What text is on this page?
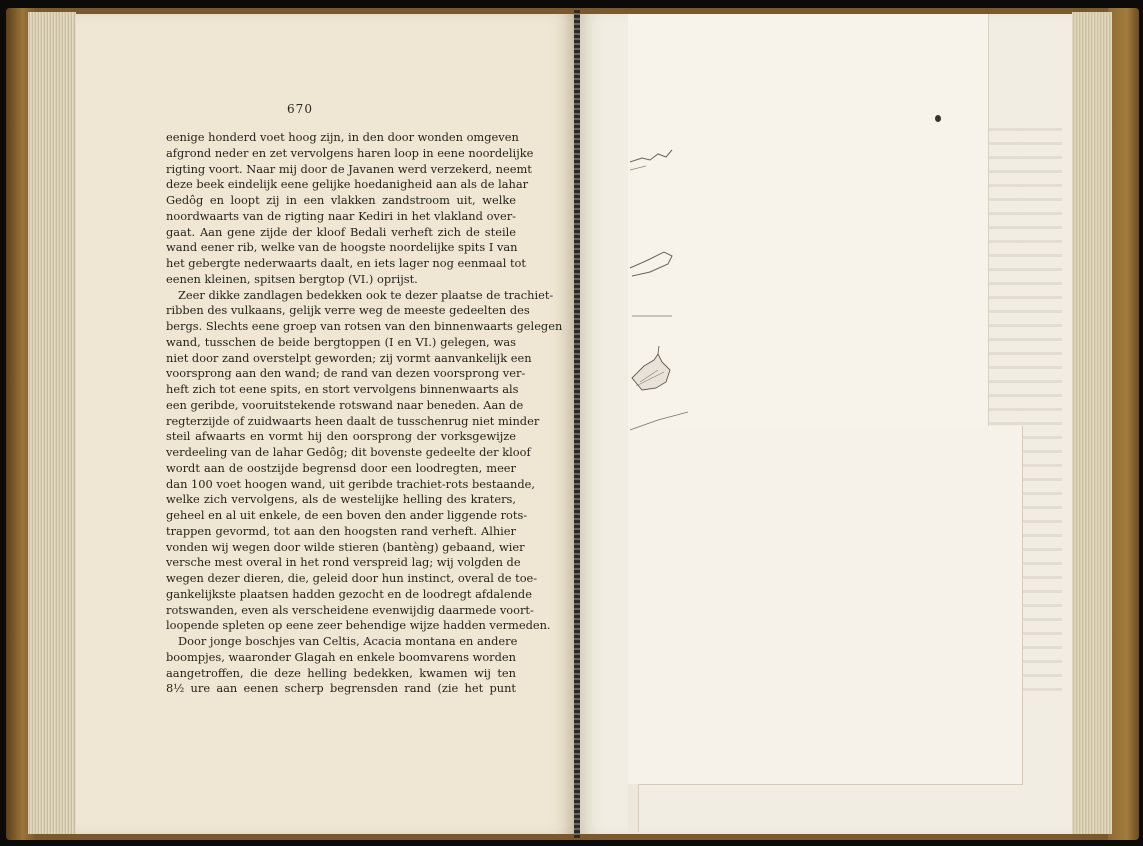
670
eenige honderd voet hoog zijn, in den door wonden omgeven
afgrond neder en zet vervolgens haren loop in eene noordelijke
rigting voort. Naar mij door de Javanen werd verzekerd, neemt
deze beek eindelijk eene gelijke hoedanigheid aan als de lahar
Gedôg en loopt zij in een vlakken zandstroom uit, welke
noordwaarts van de rigting naar Kediri in het vlakland over-
gaat. Aan gene zijde der kloof Bedali verheft zich de steile
wand eener rib, welke van de hoogste noordelijke spits I van
het gebergte nederwaarts daalt, en iets lager nog eenmaal tot
eenen kleinen, spitsen bergtop (VI.) oprijst.
Zeer dikke zandlagen bedekken ook te dezer plaatse de trachiet-
ribben des vulkaans, gelijk verre weg de meeste gedeelten des
bergs. Slechts eene groep van rotsen van den binnenwaarts gelegen
wand, tusschen de beide bergtoppen (I en VI.) gelegen, was
niet door zand overstelpt geworden; zij vormt aanvankelijk een
voorsprong aan den wand; de rand van dezen voorsprong ver-
heft zich tot eene spits, en stort vervolgens binnenwaarts als
een geribde, vooruitstekende rotswand naar beneden. Aan de
regterzijde of zuidwaarts heen daalt de tusschenrug niet minder
steil afwaarts en vormt hij den oorsprong der vorksgewijze
verdeeling van de lahar Gedôg; dit bovenste gedeelte der kloof
wordt aan de oostzijde begrensd door een loodregten, meer
dan 100 voet hoogen wand, uit geribde trachiet-rots bestaande,
welke zich vervolgens, als de westelijke helling des kraters,
geheel en al uit enkele, de een boven den ander liggende rots-
trappen gevormd, tot aan den hoogsten rand verheft. Alhier
vonden wij wegen door wilde stieren (bantèng) gebaand, wier
versche mest overal in het rond verspreid lag; wij volgden de
wegen dezer dieren, die, geleid door hun instinct, overal de toe-
gankelijkste plaatsen hadden gezocht en de loodregt afdalende
rotswanden, even als verscheidene evenwijdig daarmede voort-
loopende spleten op eene zeer behendige wijze hadden vermeden.
Door jonge boschjes van Celtis, Acacia montana en andere
boompjes, waaronder Glagah en enkele boomvarens worden
aangetroffen, die deze helling bedekken, kwamen wij ten
8½ ure aan eenen scherp begrensden rand (zie het punt
